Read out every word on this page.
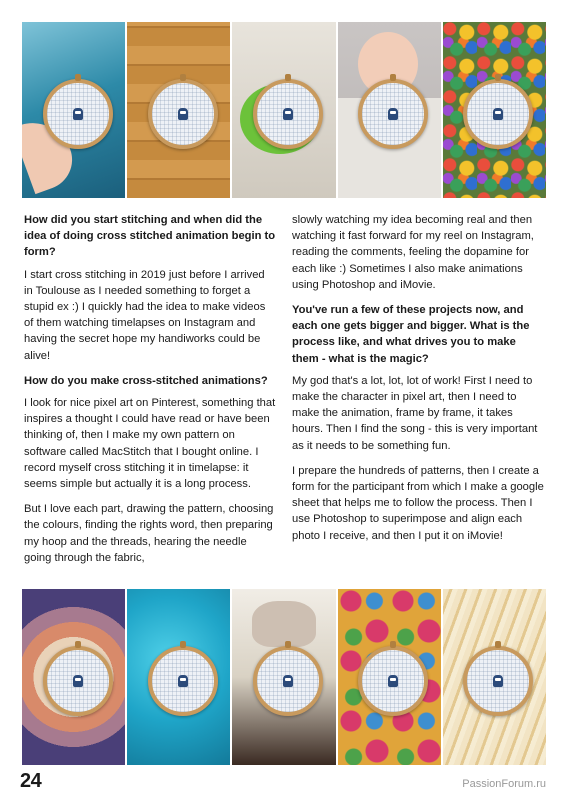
How did you start stitching and when did the idea of doing cross stitched animation begin to form?

I start cross stitching in 2019 just before I arrived in Toulouse as I needed something to forget a stupid ex :) I quickly had the idea to make videos of them watching timelapses on Instagram and having the secret hope my handiworks could be alive!

How do you make cross-stitched animations?

I look for nice pixel art on Pinterest, something that inspires a thought I could have read or have been thinking of, then I make my own pattern on software called MacStitch that I bought online. I record myself cross stitching it in timelapse: it seems simple but actually it is a long process.

But I love each part, drawing the pattern, choosing the colours, finding the rights word, then preparing my hoop and the threads, hearing the needle going through the fabric,

slowly watching my idea becoming real and then watching it fast forward for my reel on Instagram, reading the comments, feeling the dopamine for each like :) Sometimes I also make animations using Photoshop and iMovie.

You've run a few of these projects now, and each one gets bigger and bigger. What is the process like, and what drives you to make them - what is the magic?

My god that's a lot, lot, lot of work! First I need to make the character in pixel art, then I need to make the animation, frame by frame, it takes hours. Then I find the song - this is very important as it needs to be something fun.

I prepare the hundreds of patterns, then I create a form for the participant from which I make a google sheet that helps me to follow the process. Then I use Photoshop to superimpose and align each photo I receive, and then I put it on iMovie!

24	PassionForum.ru
